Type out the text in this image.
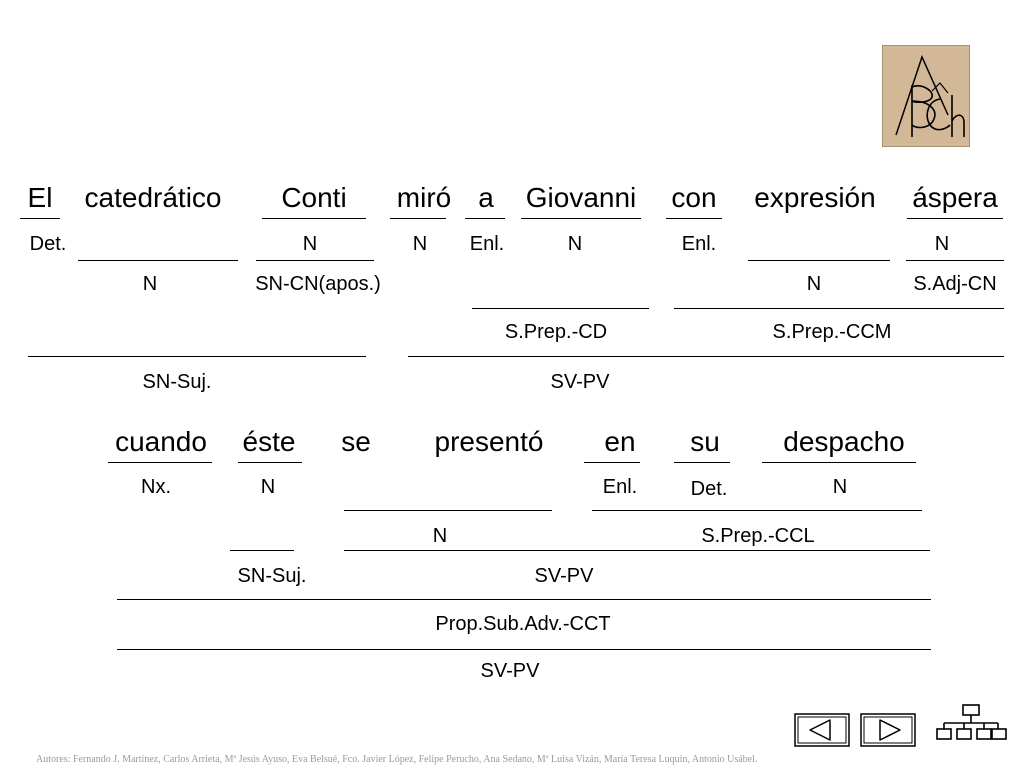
El catedrático Conti miró a Giovanni con expresión áspera
Det.	N	N Enl.	N	Enl.	N
N	SN-CN(apos.)	N	S.Adj-CN
S.Prep.-CD	S.Prep.-CCM
SN-Suj.	SV-PV
cuando éste se presentó en su despacho
Nx.	N	Enl.	Det.	N
N	S.Prep.-CCL
SN-Suj.	SV-PV
Prop.Sub.Adv.-CCT
SV-PV
Autores: Fernando J. Martínez, Carlos Arrieta, Mª Jesús Ayuso, Eva Belsué, Fco. Javier López, Felipe Perucho, Ana Sedano, Mª Luisa Vizán, María Teresa Luquin, Antonio Usábel.
